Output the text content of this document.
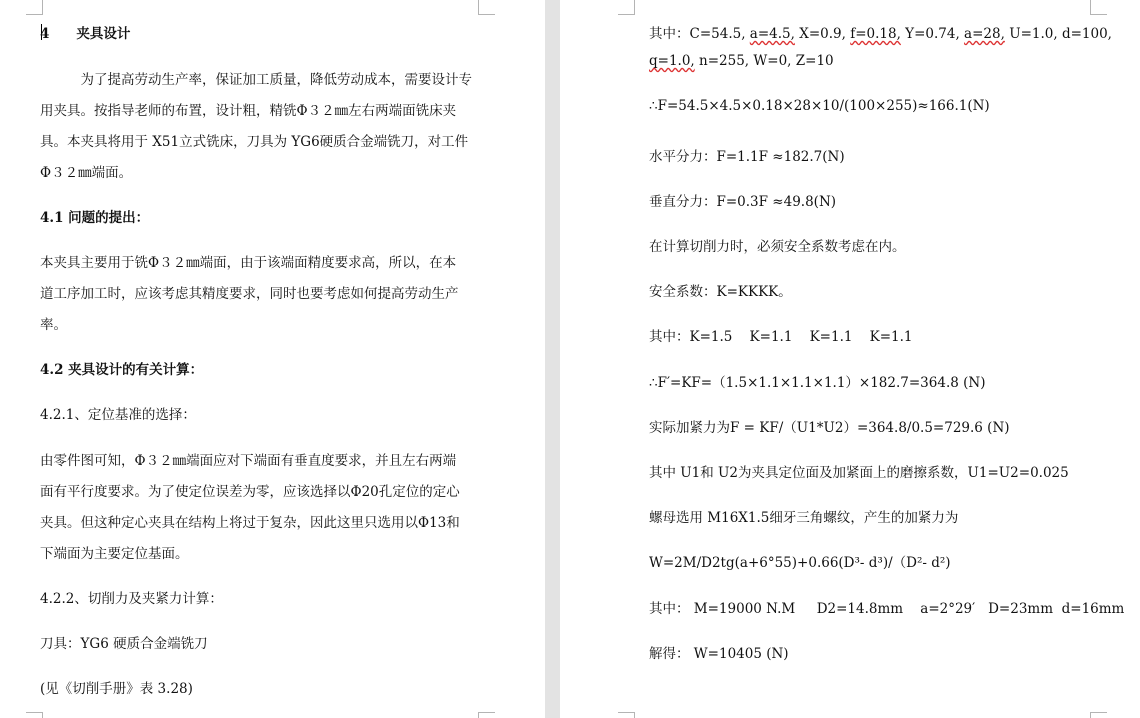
4　　夹具设计

　　　为了提高劳动生产率，保证加工质量，降低劳动成本，需要设计专

用夹具。按指导老师的布置，设计粗，精铣Φ３２㎜左右两端面铣床夹

具。本夹具将用于 X51立式铣床，刀具为 YG6硬质合金端铣刀，对工件

Φ３２㎜端面。

4.1 问题的提出：

本夹具主要用于铣Φ３２㎜端面，由于该端面精度要求高，所以，在本

道工序加工时，应该考虑其精度要求，同时也要考虑如何提高劳动生产

率。

4.2 夹具设计的有关计算：

4.2.1、定位基准的选择：

由零件图可知，Φ３２㎜端面应对下端面有垂直度要求，并且左右两端

面有平行度要求。为了使定位误差为零，应该选择以Φ20孔定位的定心

夹具。但这种定心夹具在结构上将过于复杂，因此这里只选用以Φ13和

下端面为主要定位基面。

4.2.2、切削力及夹紧力计算：

刀具：YG6 硬质合金端铣刀

(见《切削手册》表 3.28)

其中：C=54.5, a=4.5, X=0.9, f=0.18, Y=0.74, a=28, U=1.0, d=100,

q=1.0, n=255, W=0, Z=10

∴F=54.5×4.5×0.18×28×10/(100×255)≈166.1(N)

水平分力：F=1.1F ≈182.7(N)

垂直分力：F=0.3F ≈49.8(N)

在计算切削力时，必须安全系数考虑在内。

安全系数：K=KKKK。

其中：K=1.5 K=1.1 K=1.1 K=1.1

∴F′=KF=（1.5×1.1×1.1×1.1）×182.7=364.8 (N)

实际加紧力为F = KF/（U1*U2）=364.8/0.5=729.6 (N)

其中 U1和 U2为夹具定位面及加紧面上的磨擦系数，U1=U2=0.025

螺母选用 M16X1.5细牙三角螺纹，产生的加紧力为

W=2M/D2tg(a+6°55)+0.66(D³- d³)/（D²- d²)

其中： M=19000 N.M D2=14.8mm a=2°29′ D=23mm d=16mm

解得： W=10405 (N)
